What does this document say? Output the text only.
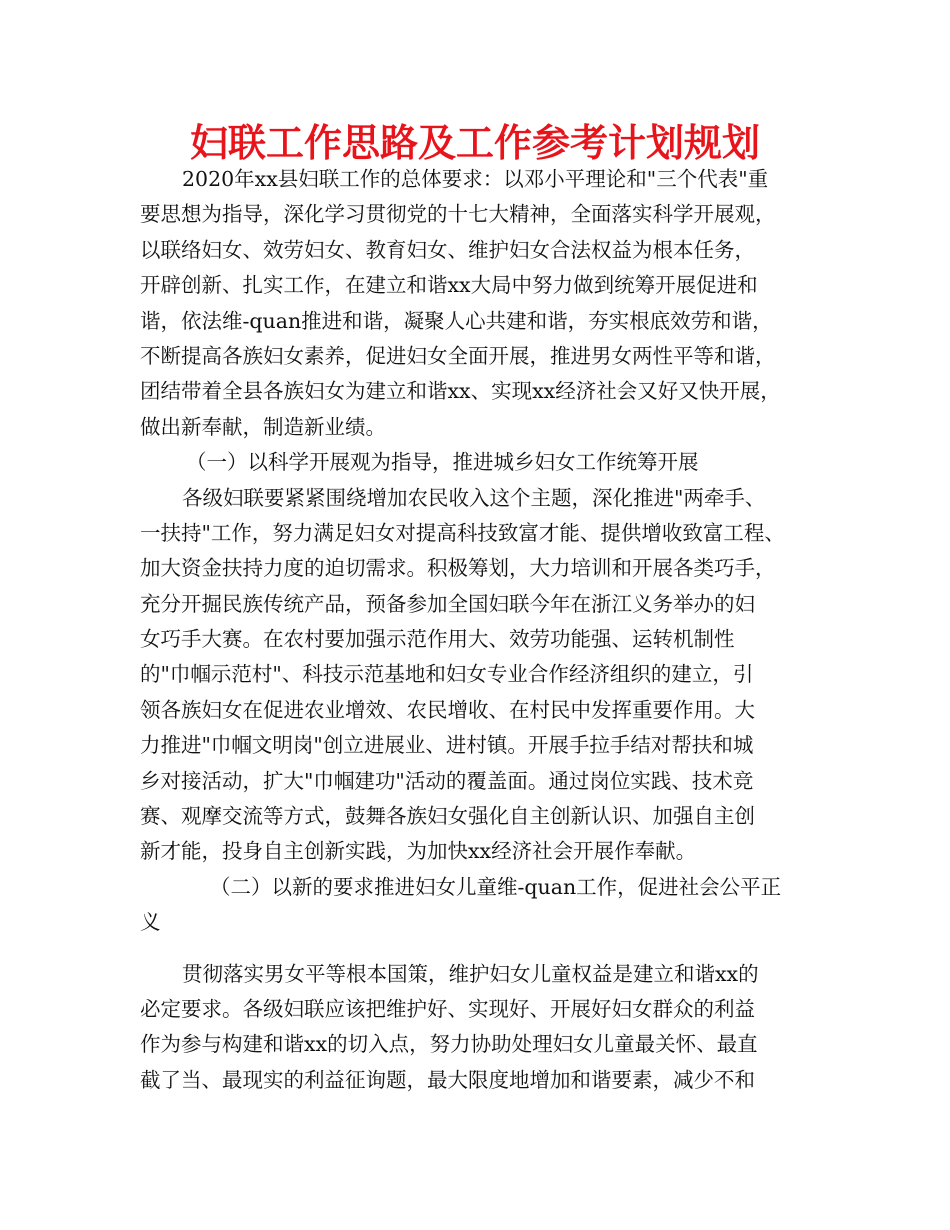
妇联工作思路及工作参考计划规划
2020年xx县妇联工作的总体要求：以邓小平理论和"三个代表"重
要思想为指导，深化学习贯彻党的十七大精神，全面落实科学开展观，
以联络妇女、效劳妇女、教育妇女、维护妇女合法权益为根本任务，
开辟创新、扎实工作，在建立和谐xx大局中努力做到统筹开展促进和
谐，依法维-quan推进和谐，凝聚人心共建和谐，夯实根底效劳和谐，
不断提高各族妇女素养，促进妇女全面开展，推进男女两性平等和谐，
团结带着全县各族妇女为建立和谐xx、实现xx经济社会又好又快开展，
做出新奉献，制造新业绩。
（一）以科学开展观为指导，推进城乡妇女工作统筹开展
各级妇联要紧紧围绕增加农民收入这个主题，深化推进"两牵手、
一扶持"工作，努力满足妇女对提高科技致富才能、提供增收致富工程、
加大资金扶持力度的迫切需求。积极筹划，大力培训和开展各类巧手，
充分开掘民族传统产品，预备参加全国妇联今年在浙江义务举办的妇
女巧手大赛。在农村要加强示范作用大、效劳功能强、运转机制性
的"巾帼示范村"、科技示范基地和妇女专业合作经济组织的建立，引
领各族妇女在促进农业增效、农民增收、在村民中发挥重要作用。大
力推进"巾帼文明岗"创立进展业、进村镇。开展手拉手结对帮扶和城
乡对接活动，扩大"巾帼建功"活动的覆盖面。通过岗位实践、技术竞
赛、观摩交流等方式，鼓舞各族妇女强化自主创新认识、加强自主创
新才能，投身自主创新实践，为加快xx经济社会开展作奉献。
（二）以新的要求推进妇女儿童维-quan工作，促进社会公平正
义
贯彻落实男女平等根本国策，维护妇女儿童权益是建立和谐xx的
必定要求。各级妇联应该把维护好、实现好、开展好妇女群众的利益
作为参与构建和谐xx的切入点，努力协助处理妇女儿童最关怀、最直
截了当、最现实的利益征询题，最大限度地增加和谐要素，减少不和
